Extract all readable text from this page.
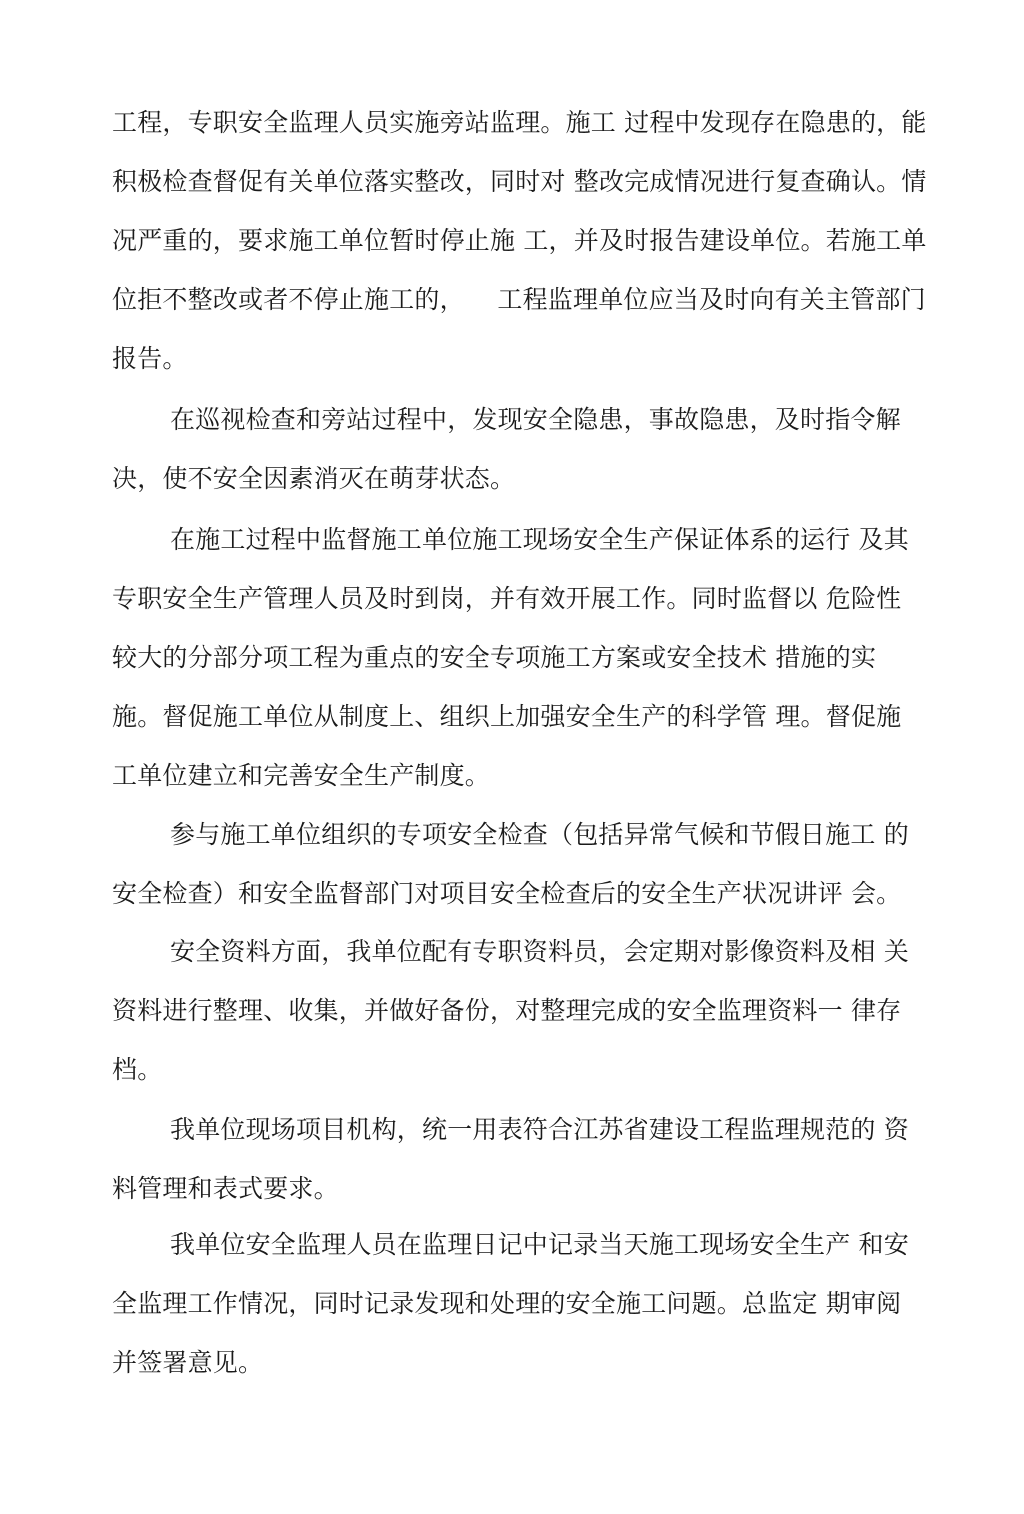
工程，专职安全监理人员实施旁站监理。施工 过程中发现存在隐患的，能
积极检查督促有关单位落实整改，同时对 整改完成情况进行复查确认。情
况严重的，要求施工单位暂时停止施 工，并及时报告建设单位。若施工单
位拒不整改或者不停止施工的，    工程监理单位应当及时向有关主管部门
报告。
在巡视检查和旁站过程中，发现安全隐患，事故隐患，及时指令解
决，使不安全因素消灭在萌芽状态。
在施工过程中监督施工单位施工现场安全生产保证体系的运行 及其
专职安全生产管理人员及时到岗，并有效开展工作。同时监督以 危险性
较大的分部分项工程为重点的安全专项施工方案或安全技术 措施的实
施。督促施工单位从制度上、组织上加强安全生产的科学管 理。督促施
工单位建立和完善安全生产制度。
参与施工单位组织的专项安全检查（包括异常气候和节假日施工 的
安全检查）和安全监督部门对项目安全检查后的安全生产状况讲评 会。
安全资料方面，我单位配有专职资料员，会定期对影像资料及相 关
资料进行整理、收集，并做好备份，对整理完成的安全监理资料一 律存
档。
我单位现场项目机构，统一用表符合江苏省建设工程监理规范的 资
料管理和表式要求。
我单位安全监理人员在监理日记中记录当天施工现场安全生产 和安
全监理工作情况，同时记录发现和处理的安全施工问题。总监定 期审阅
并签署意见。
